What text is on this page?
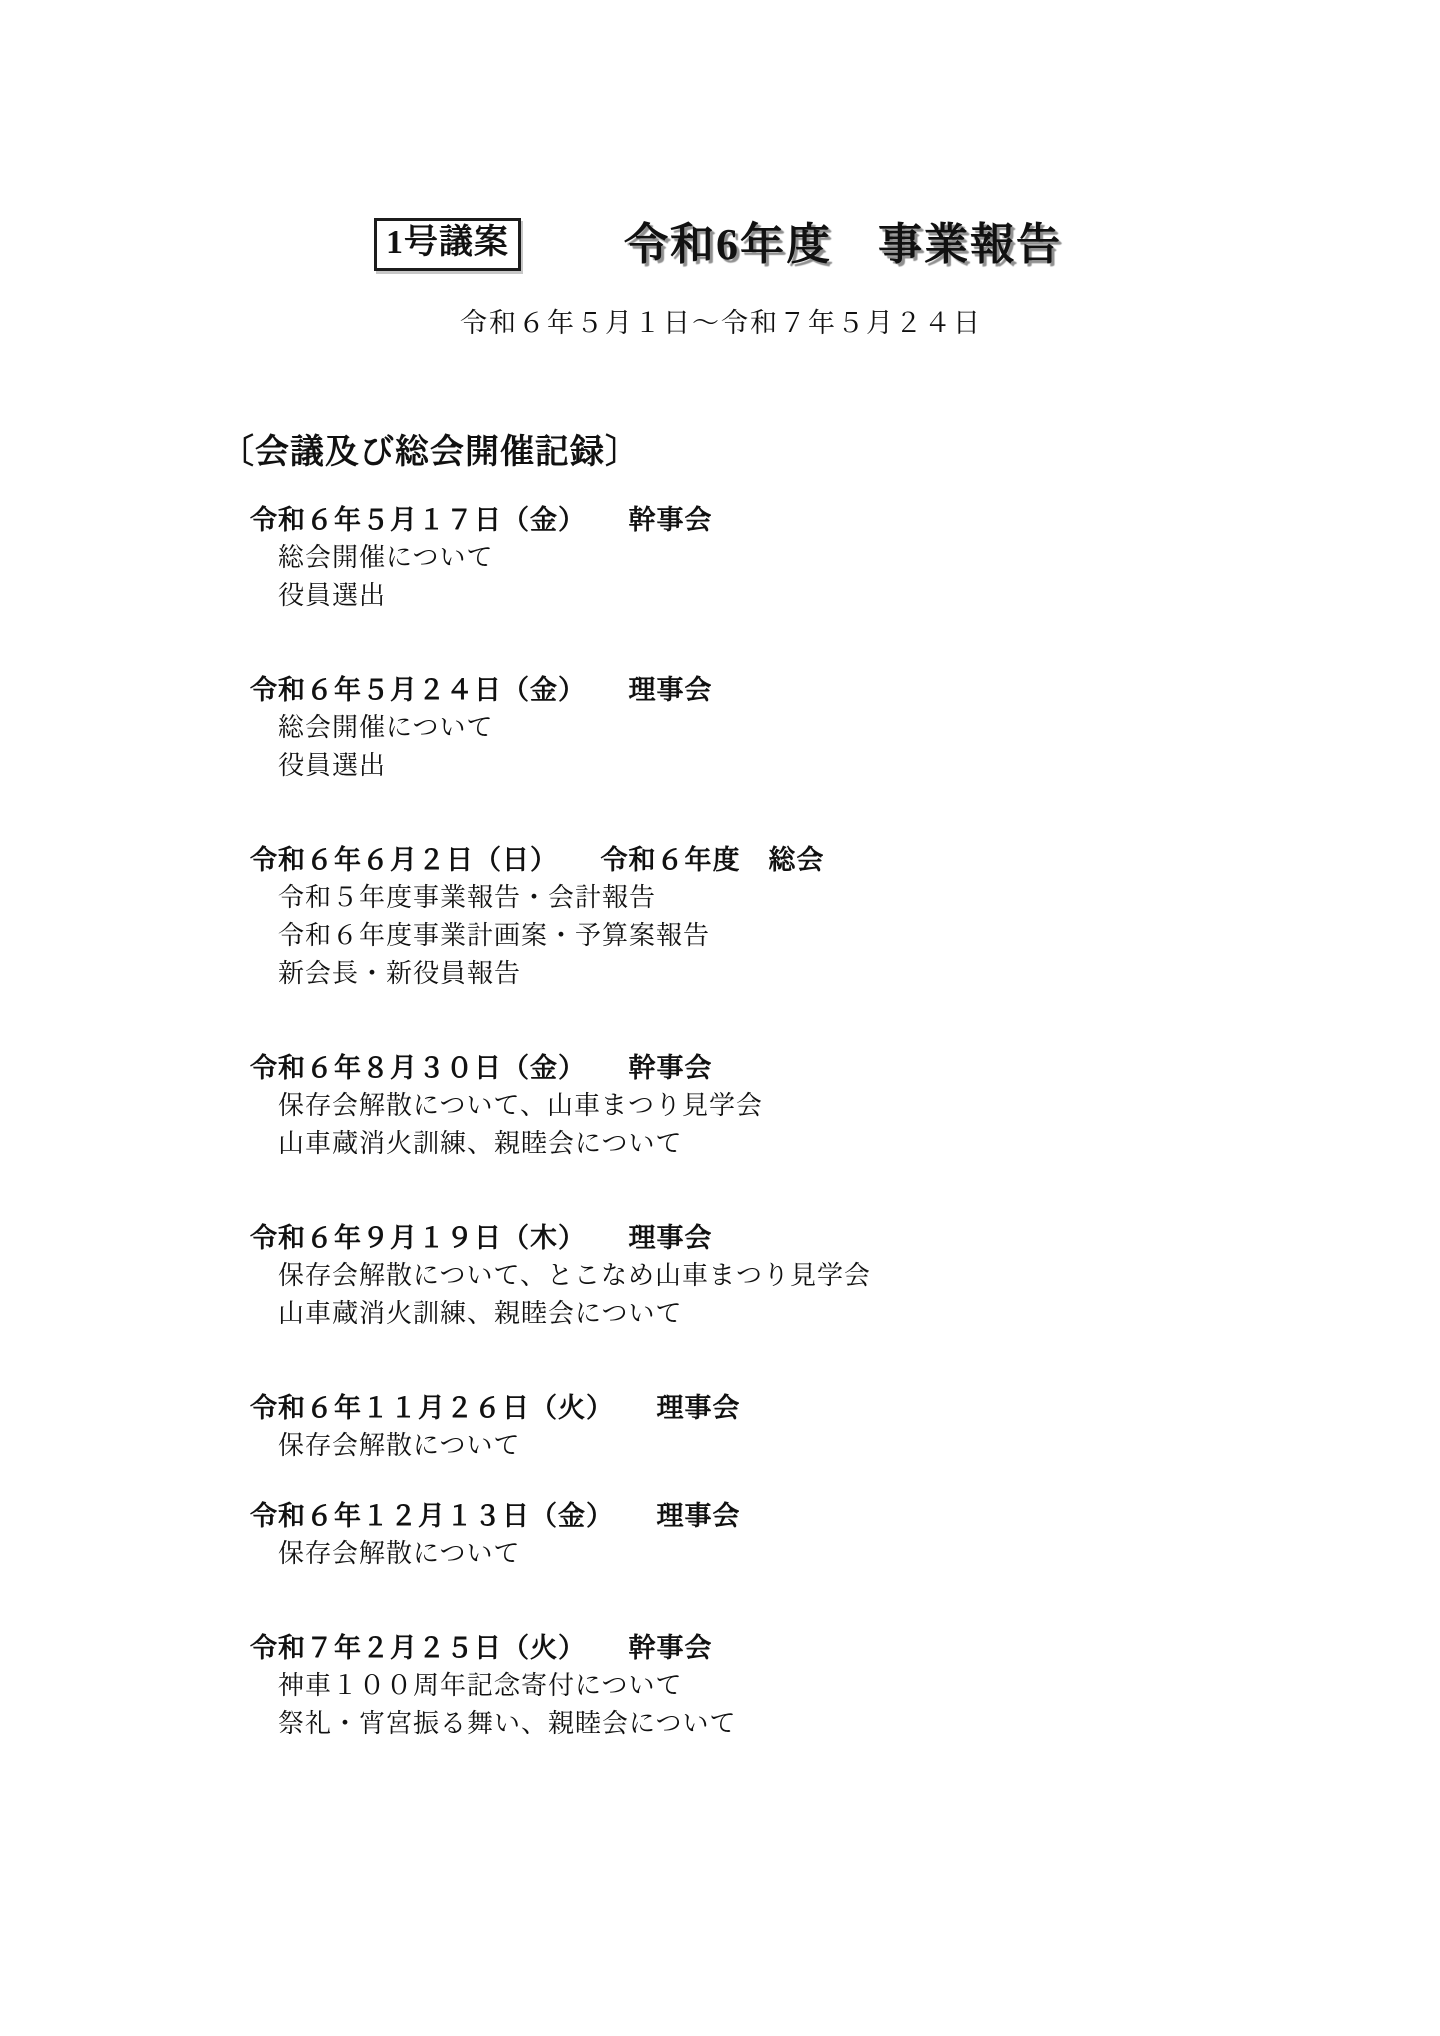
1号議案	令和6年度　事業報告
令和６年５月１日～令和７年５月２４日
〔会議及び総会開催記録〕
令和６年５月１７日（金）　　幹事会
総会開催について
役員選出
令和６年５月２４日（金）　　理事会
総会開催について
役員選出
令和６年６月２日（日）　　令和６年度　総会
令和５年度事業報告・会計報告
令和６年度事業計画案・予算案報告
新会長・新役員報告
令和６年８月３０日（金）　　幹事会
保存会解散について、山車まつり見学会
山車蔵消火訓練、親睦会について
令和６年９月１９日（木）　　理事会
保存会解散について、とこなめ山車まつり見学会
山車蔵消火訓練、親睦会について
令和６年１１月２６日（火）　　理事会
保存会解散について
令和６年１２月１３日（金）　　理事会
保存会解散について
令和７年２月２５日（火）　　幹事会
神車１００周年記念寄付について
祭礼・宵宮振る舞い、親睦会について
